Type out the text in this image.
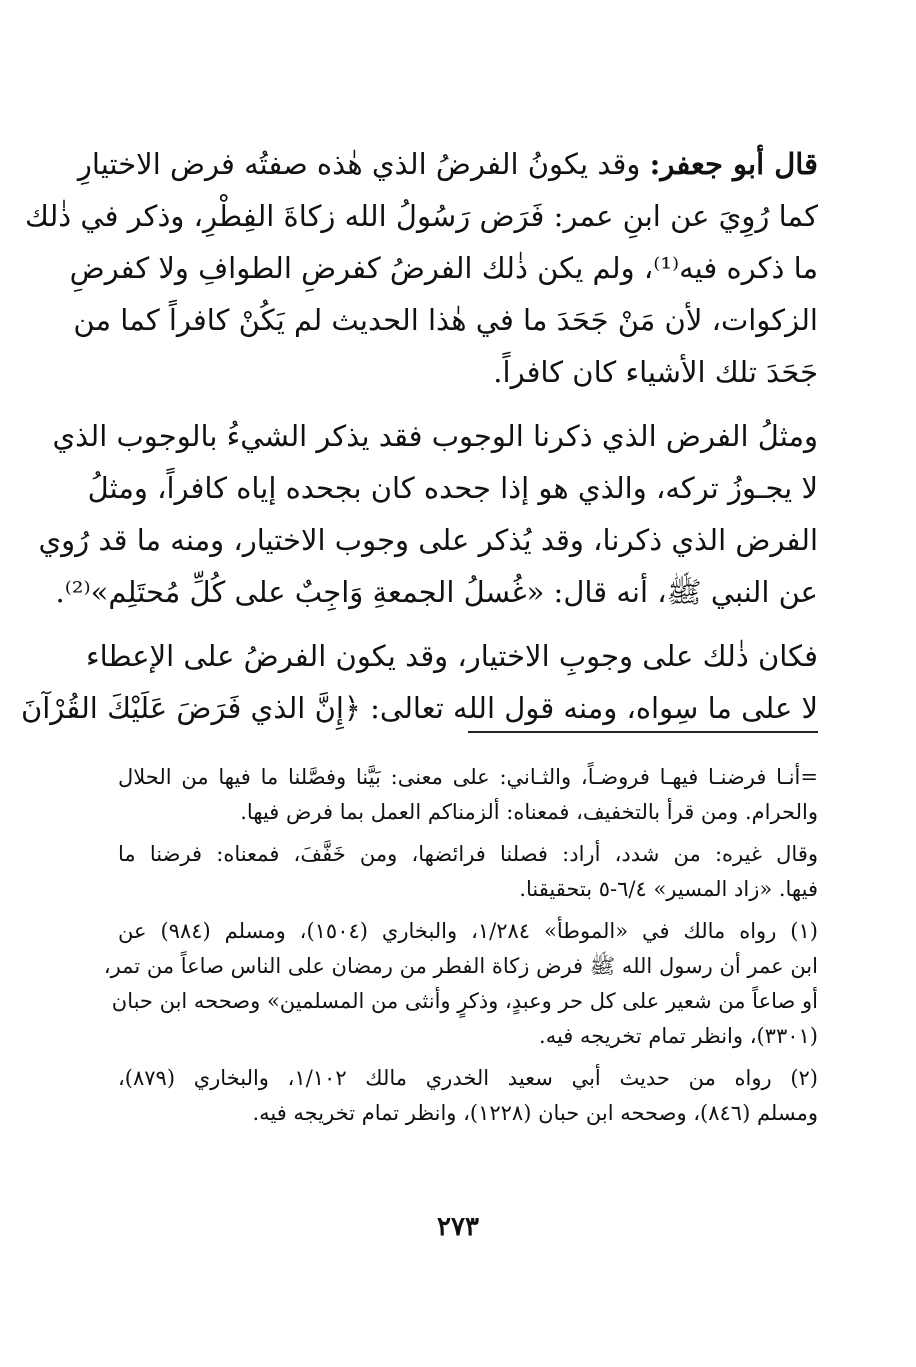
قال أبو جعفر: وقد يكونُ الفرضُ الذي هٰذه صفتُه فرض الاختيارِ
كما رُوِيَ عن ابنِ عمر: فَرَض رَسُولُ الله زكاةَ الفِطْرِ، وذكر في ذٰلك
ما ذكره فيه⁽¹⁾، ولم يكن ذٰلك الفرضُ كفرضِ الطوافِ ولا كفرضِ
الزكوات، لأن مَنْ جَحَدَ ما في هٰذا الحديث لم يَكُنْ كافراً كما من
جَحَدَ تلك الأشياء كان كافراً.
ومثلُ الفرض الذي ذكرنا الوجوب فقد يذكر الشيءُ بالوجوب الذي
لا يجـوزُ تركه، والذي هو إذا جحده كان بجحده إياه كافراً، ومثلُ
الفرض الذي ذكرنا، وقد يُذكر على وجوب الاختيار، ومنه ما قد رُوي
عن النبي ﷺ، أنه قال: «غُسلُ الجمعةِ وَاجِبٌ على كُلِّ مُحتَلِم»⁽²⁾.
فكان ذٰلك على وجوبِ الاختيار، وقد يكون الفرضُ على الإعطاء
لا على ما سِواه، ومنه قول الله تعالى: ﴿إِنَّ الذي فَرَضَ عَلَيْكَ القُرْآنَ
=أنـا فرضنـا فيهـا فروضـاً، والثـاني: على معنى: بَيَّنا وفصَّلنا ما فيها من الحلال
والحرام. ومن قرأ بالتخفيف، فمعناه: ألزمناكم العمل بما فرض فيها.
وقال غيره: من شدد، أراد: فصلنا فرائضها، ومن خَفَّفَ، فمعناه: فرضنا ما
فيها. «زاد المسير» ٦/٤-٥ بتحقيقنا.
(١) رواه مالك في «الموطأ» ١/٢٨٤، والبخاري (١٥٠٤)، ومسلم (٩٨٤) عن
ابن عمر أن رسول الله ﷺ فرض زكاة الفطر من رمضان على الناس صاعاً من تمر،
أو صاعاً من شعير على كل حر وعبدٍ، وذكرٍ وأنثى من المسلمين» وصححه ابن حبان
(٣٣٠١)، وانظر تمام تخريجه فيه.
(٢) رواه من حديث أبي سعيد الخدري مالك ١/١٠٢، والبخاري (٨٧٩)،
ومسلم (٨٤٦)، وصححه ابن حبان (١٢٢٨)، وانظر تمام تخريجه فيه.
٢٧٣
